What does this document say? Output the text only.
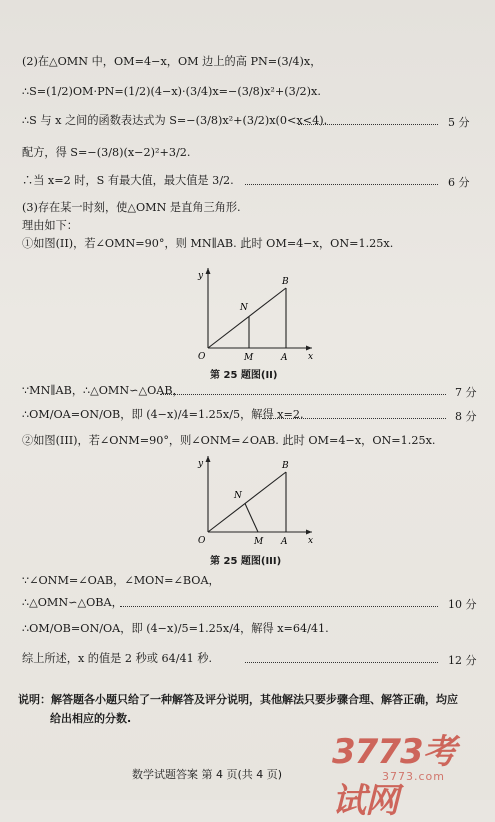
(2)在△OMN 中，OM=4−x，OM 边上的高 PN=(3/4)x，
∴S=(1/2)OM·PN=(1/2)(4−x)·(3/4)x=−(3/8)x²+(3/2)x.
∴S 与 x 之间的函数表达式为 S=−(3/8)x²+(3/2)x(0<x<4).	5 分
配方，得 S=−(3/8)(x−2)²+3/2.
∴当 x=2 时，S 有最大值，最大值是 3/2.	6 分
(3)存在某一时刻，使△OMN 是直角三角形.
理由如下：
①如图(II)，若∠OMN=90°，则 MN∥AB. 此时 OM=4−x，ON=1.25x.
y
x
O	M	A
N
B
第 25 题图(II)
∵MN∥AB，∴△OMN∽△OAB，	7 分
∴OM/OA=ON/OB，即 (4−x)/4=1.25x/5，解得 x=2.	8 分
②如图(III)，若∠ONM=90°，则∠ONM=∠OAB. 此时 OM=4−x，ON=1.25x.
y
x
O	M A
N
B
第 25 题图(III)
∵∠ONM=∠OAB，∠MON=∠BOA，
∴△OMN∽△OBA，	10 分
∴OM/OB=ON/OA，即 (4−x)/5=1.25x/4，解得 x=64/41.
综上所述，x 的值是 2 秒或 64/41 秒.	12 分
说明：解答题各小题只给了一种解答及评分说明，其他解法只要步骤合理、解答正确，均应
给出相应的分数.
数学试题答案 第 4 页(共 4 页)
3773考试网
3773.com
